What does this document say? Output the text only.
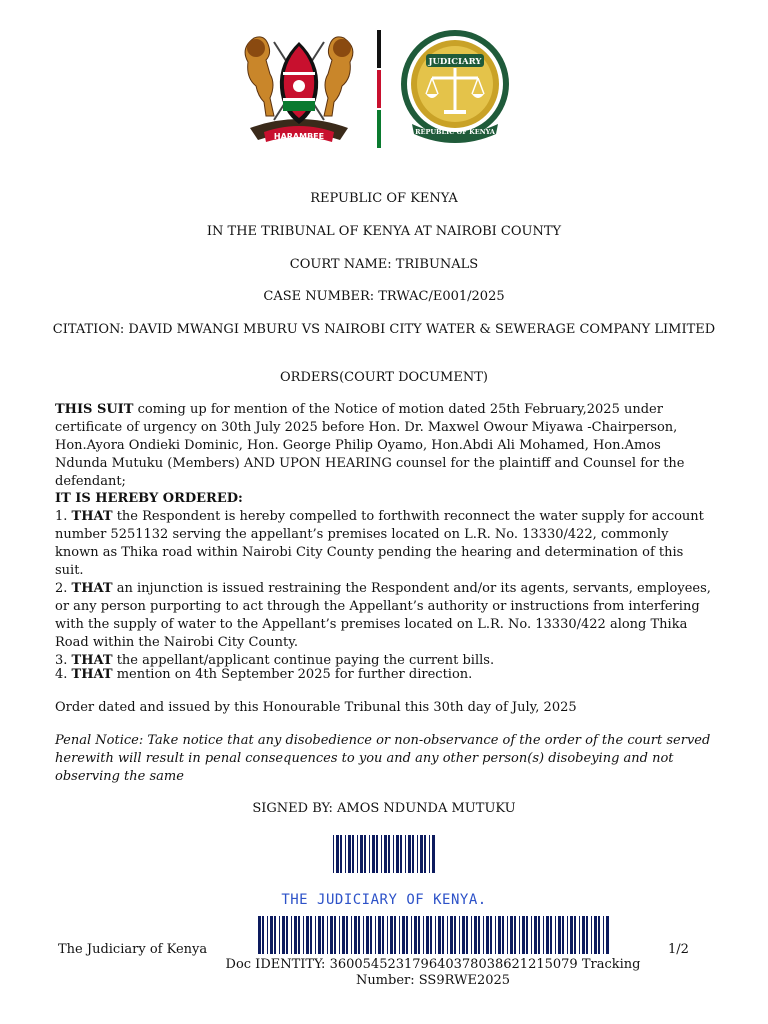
HARAMBEE
JUDICIARY
REPUBLIC OF KENYA
REPUBLIC OF KENYA
IN THE TRIBUNAL OF KENYA AT NAIROBI COUNTY
COURT NAME: TRIBUNALS
CASE NUMBER: TRWAC/E001/2025
CITATION: DAVID MWANGI MBURU VS NAIROBI CITY WATER & SEWERAGE COMPANY LIMITED
ORDERS(COURT DOCUMENT)

THIS SUIT coming up for mention of the Notice of motion dated 25th February,2025 under certificate of urgency on 30th July 2025 before Hon. Dr. Maxwel Owour Miyawa -Chairperson, Hon.Ayora Ondieki Dominic, Hon. George Philip Oyamo, Hon.Abdi Ali Mohamed, Hon.Amos Ndunda Mutuku (Members) AND UPON HEARING counsel for the plaintiff and Counsel for the defendant;

IT IS HEREBY ORDERED:
1. THAT the Respondent is hereby compelled to forthwith reconnect the water supply for account number 5251132 serving the appellant’s premises located on L.R. No. 13330/422, commonly known as Thika road within Nairobi City County pending the hearing and determination of this suit.
2. THAT an injunction is issued restraining the Respondent and/or its agents, servants, employees, or any person purporting to act through the Appellant’s authority or instructions from interfering with the supply of water to the Appellant’s premises located on L.R. No. 13330/422 along Thika Road within the Nairobi City County.
3. THAT the appellant/applicant continue paying the current bills.
4. THAT mention on 4th September 2025 for further direction.
Order dated and issued by this Honourable Tribunal this 30th day of July, 2025
Penal Notice: Take notice that any disobedience or non-observance of the order of the court served herewith will result in penal consequences to you and any other person(s) disobeying and not observing the same
SIGNED BY: AMOS NDUNDA MUTUKU
THE JUDICIARY OF KENYA.
The Judiciary of Kenya	1/2
Doc IDENTITY: 36005452317964037803862121507​9 Tracking Number: SS9RWE2025
